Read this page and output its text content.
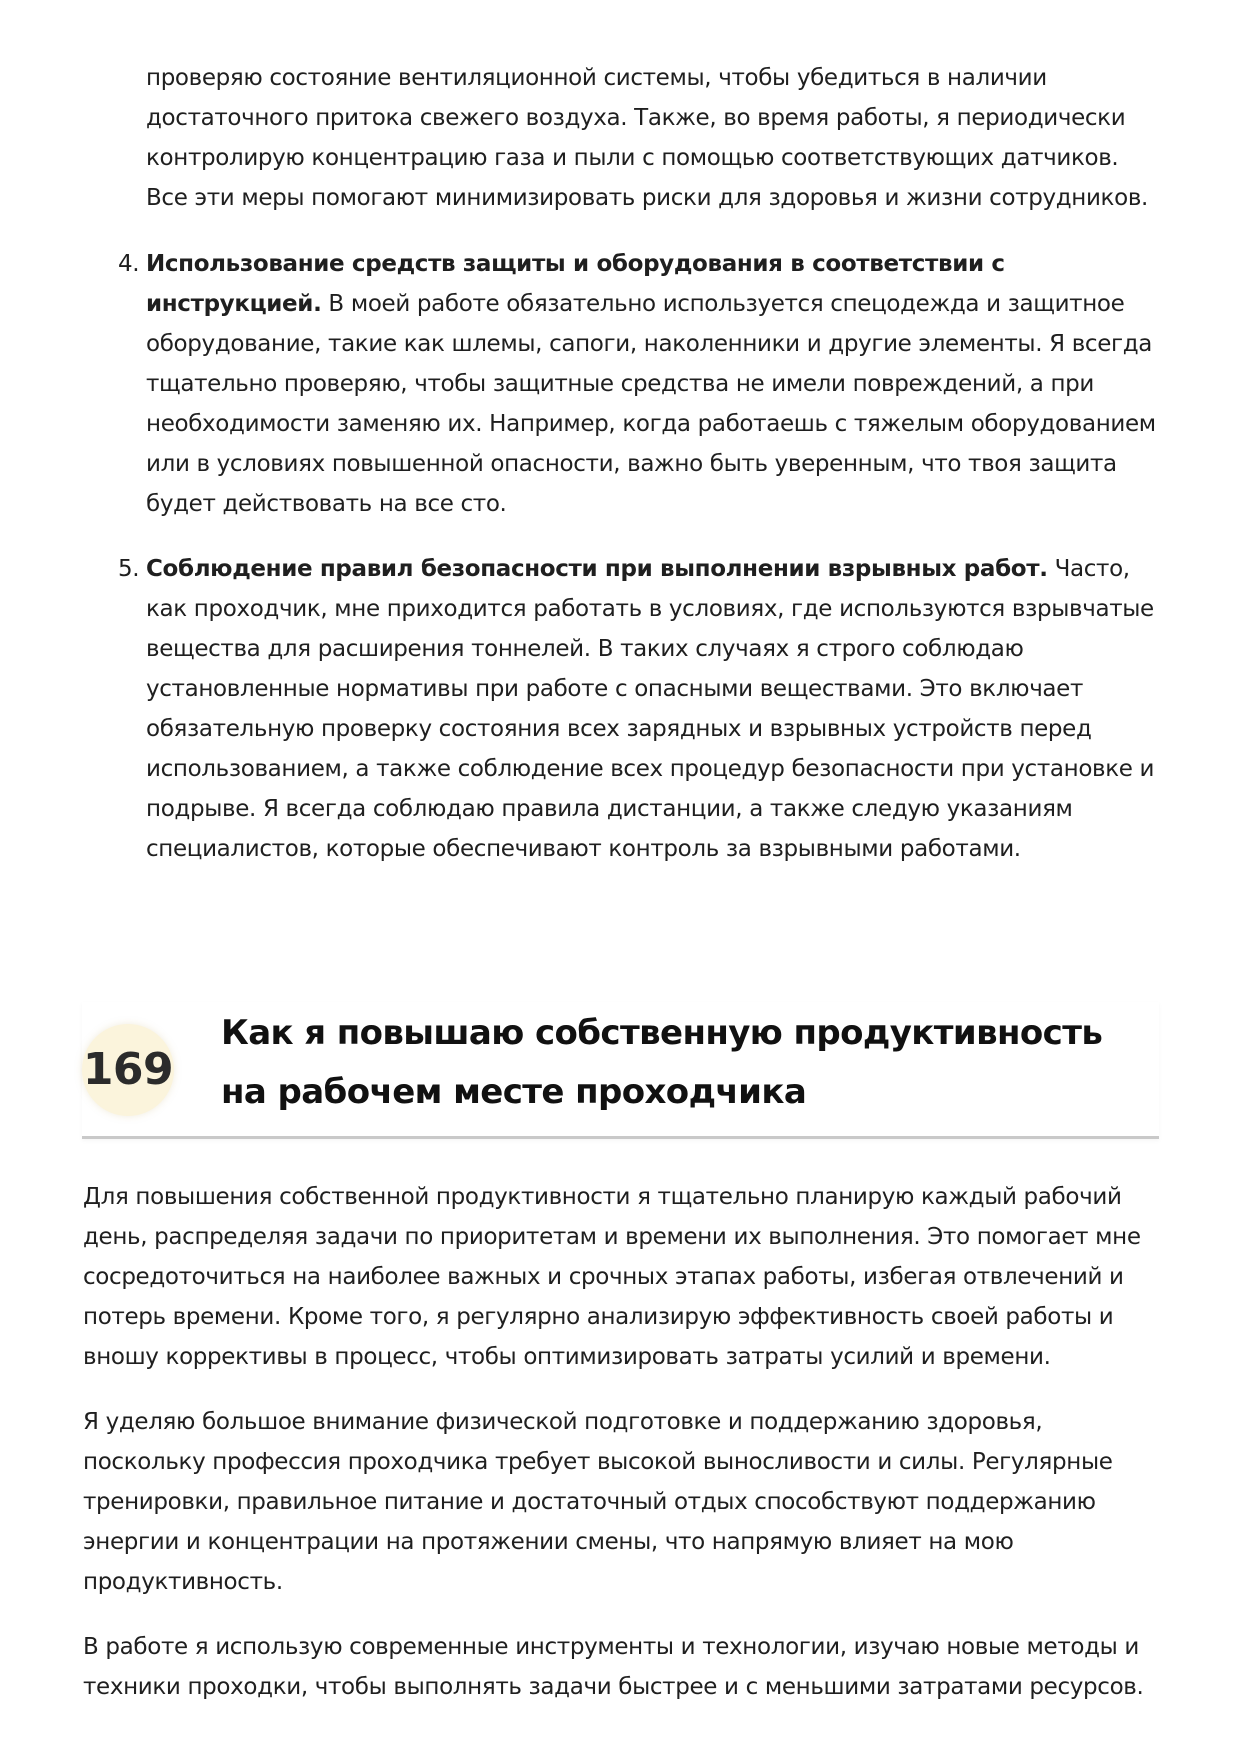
проверяю состояние вентиляционной системы, чтобы убедиться в наличии достаточного притока свежего воздуха. Также, во время работы, я периодически контролирую концентрацию газа и пыли с помощью соответствующих датчиков. Все эти меры помогают минимизировать риски для здоровья и жизни сотрудников.

4. Использование средств защиты и оборудования в соответствии с инструкцией. В моей работе обязательно используется спецодежда и защитное оборудование, такие как шлемы, сапоги, наколенники и другие элементы. Я всегда тщательно проверяю, чтобы защитные средства не имели повреждений, а при необходимости заменяю их. Например, когда работаешь с тяжелым оборудованием или в условиях повышенной опасности, важно быть уверенным, что твоя защита будет действовать на все сто.
5. Соблюдение правил безопасности при выполнении взрывных работ. Часто, как проходчик, мне приходится работать в условиях, где используются взрывчатые вещества для расширения тоннелей. В таких случаях я строго соблюдаю установленные нормативы при работе с опасными веществами. Это включает обязательную проверку состояния всех зарядных и взрывных устройств перед использованием, а также соблюдение всех процедур безопасности при установке и подрыве. Я всегда соблюдаю правила дистанции, а также следую указаниям специалистов, которые обеспечивают контроль за взрывными работами.
169
Как я повышаю собственную продуктивность на рабочем месте проходчика

Для повышения собственной продуктивности я тщательно планирую каждый рабочий день, распределяя задачи по приоритетам и времени их выполнения. Это помогает мне сосредоточиться на наиболее важных и срочных этапах работы, избегая отвлечений и потерь времени. Кроме того, я регулярно анализирую эффективность своей работы и вношу коррективы в процесс, чтобы оптимизировать затраты усилий и времени.

Я уделяю большое внимание физической подготовке и поддержанию здоровья, поскольку профессия проходчика требует высокой выносливости и силы. Регулярные тренировки, правильное питание и достаточный отдых способствуют поддержанию энергии и концентрации на протяжении смены, что напрямую влияет на мою продуктивность.

В работе я использую современные инструменты и технологии, изучаю новые методы и техники проходки, чтобы выполнять задачи быстрее и с меньшими затратами ресурсов.
